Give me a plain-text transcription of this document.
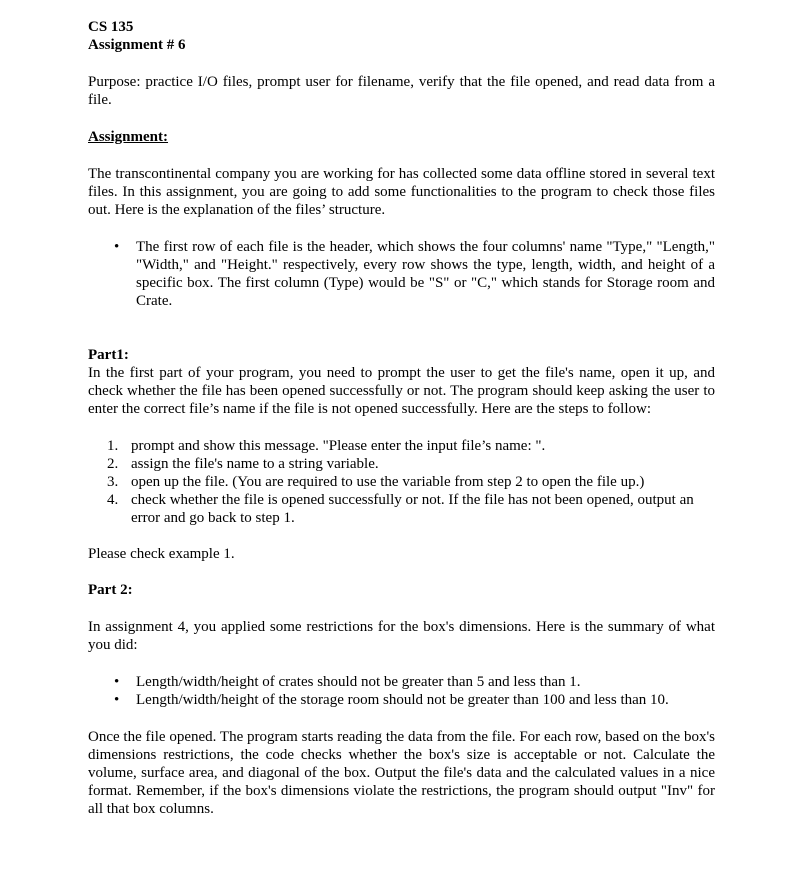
CS 135
Assignment # 6

Purpose: practice I/O files, prompt user for filename, verify that the file opened, and read data from a file.

Assignment:

The transcontinental company you are working for has collected some data offline stored in several text files. In this assignment, you are going to add some functionalities to the program to check those files out. Here is the explanation of the files’ structure.

• The first row of each file is the header, which shows the four columns' name "Type," "Length," "Width," and "Height." respectively, every row shows the type, length, width, and height of a specific box. The first column (Type) would be "S" or "C," which stands for Storage room and Crate.
Part1:

In the first part of your program, you need to prompt the user to get the file's name, open it up, and check whether the file has been opened successfully or not. The program should keep asking the user to enter the correct file’s name if the file is not opened successfully. Here are the steps to follow:

1. prompt and show this message. "Please enter the input file’s name: ".
2. assign the file's name to a string variable.
3. open up the file. (You are required to use the variable from step 2 to open the file up.)
4. check whether the file is opened successfully or not. If the file has not been opened, output an error and go back to step 1.

Please check example 1.

Part 2:

In assignment 4, you applied some restrictions for the box's dimensions. Here is the summary of what you did:

• Length/width/height of crates should not be greater than 5 and less than 1.
• Length/width/height of the storage room should not be greater than 100 and less than 10.

Once the file opened. The program starts reading the data from the file. For each row, based on the box's dimensions restrictions, the code checks whether the box's size is acceptable or not. Calculate the volume, surface area, and diagonal of the box. Output the file's data and the calculated values in a nice format. Remember, if the box's dimensions violate the restrictions, the program should output "Inv" for all that box columns.
